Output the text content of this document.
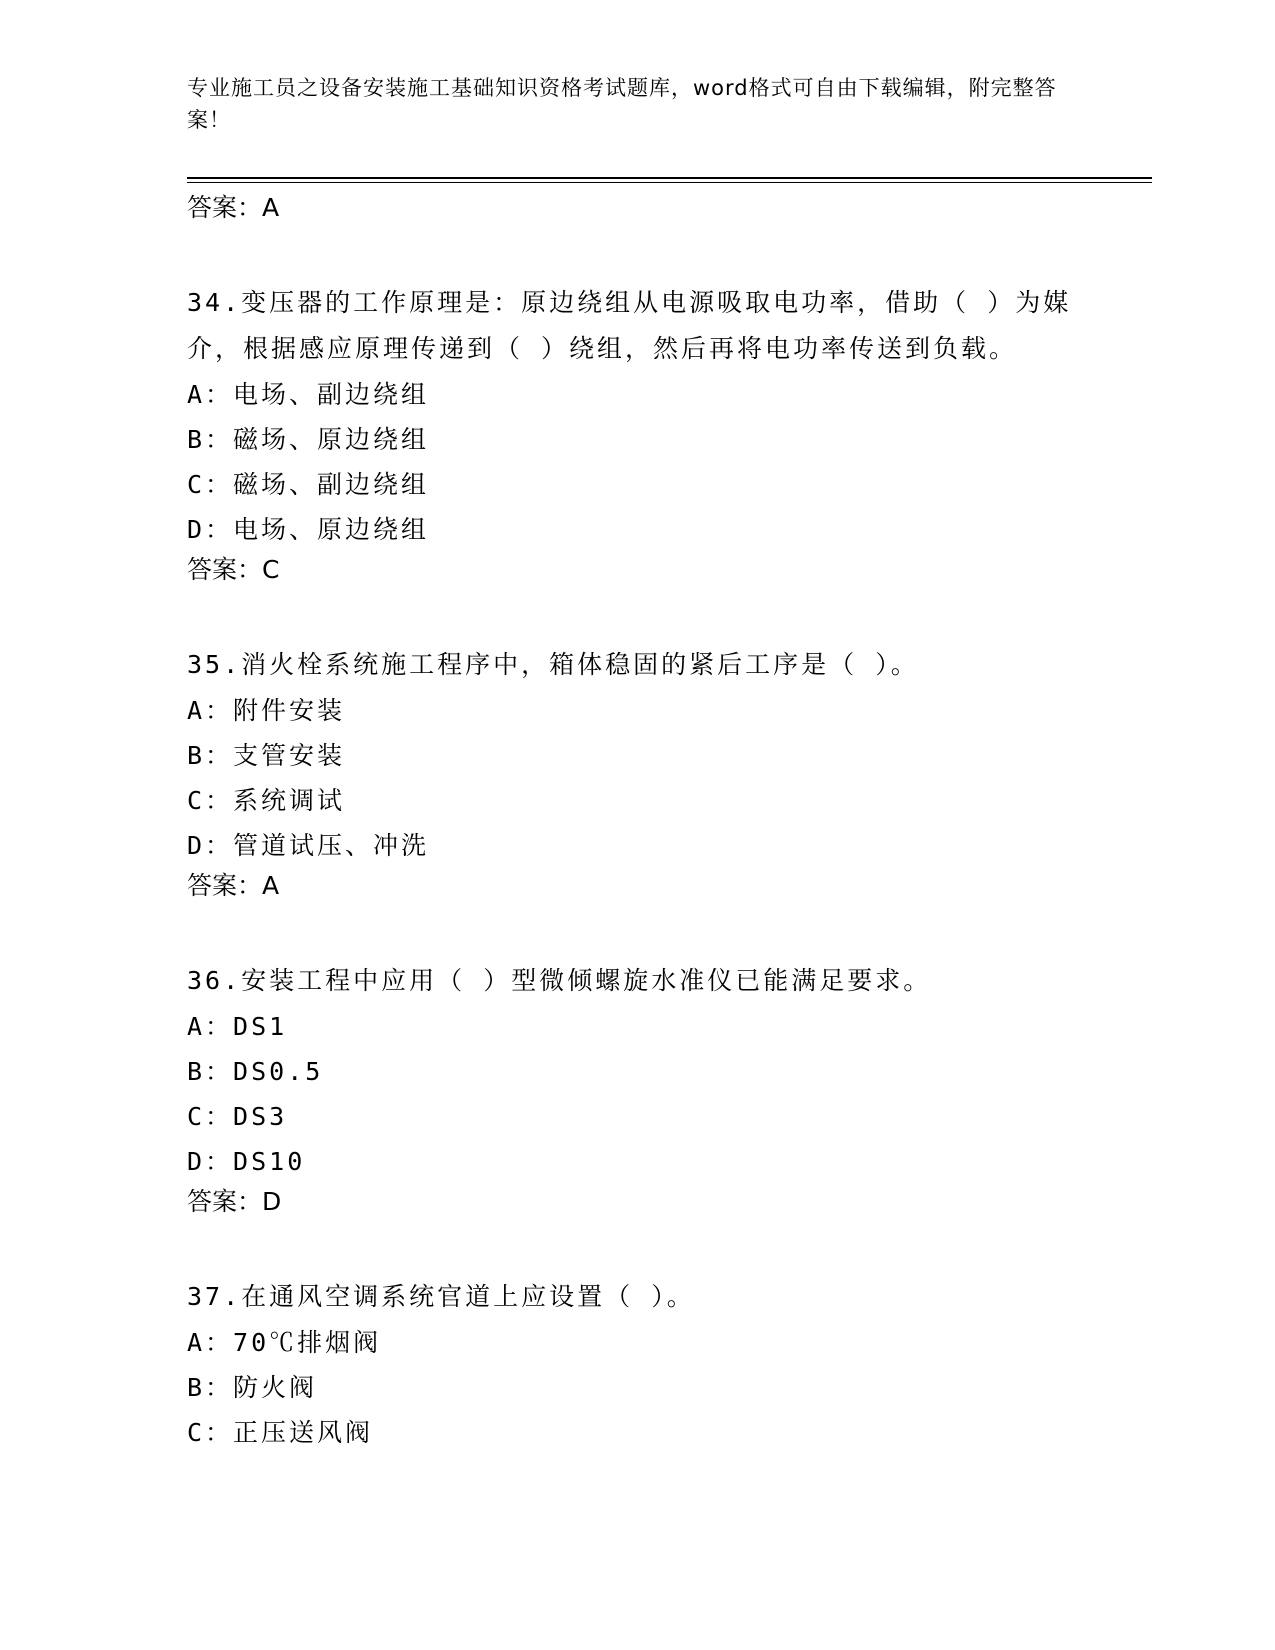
专业施工员之设备安装施工基础知识资格考试题库，word格式可自由下载编辑，附完整答案！
答案：A
34.变压器的工作原理是：原边绕组从电源吸取电功率，借助（ ）为媒介，根据感应原理传递到（ ）绕组，然后再将电功率传送到负载。
A：电场、副边绕组
B：磁场、原边绕组
C：磁场、副边绕组
D：电场、原边绕组
答案：C
35.消火栓系统施工程序中，箱体稳固的紧后工序是（ ）。
A：附件安装
B：支管安装
C：系统调试
D：管道试压、冲洗
答案：A
36.安装工程中应用（ ）型微倾螺旋水准仪已能满足要求。
A：DS1
B：DS0.5
C：DS3
D：DS10
答案：D
37.在通风空调系统官道上应设置（ ）。
A：70℃排烟阀
B：防火阀
C：正压送风阀
